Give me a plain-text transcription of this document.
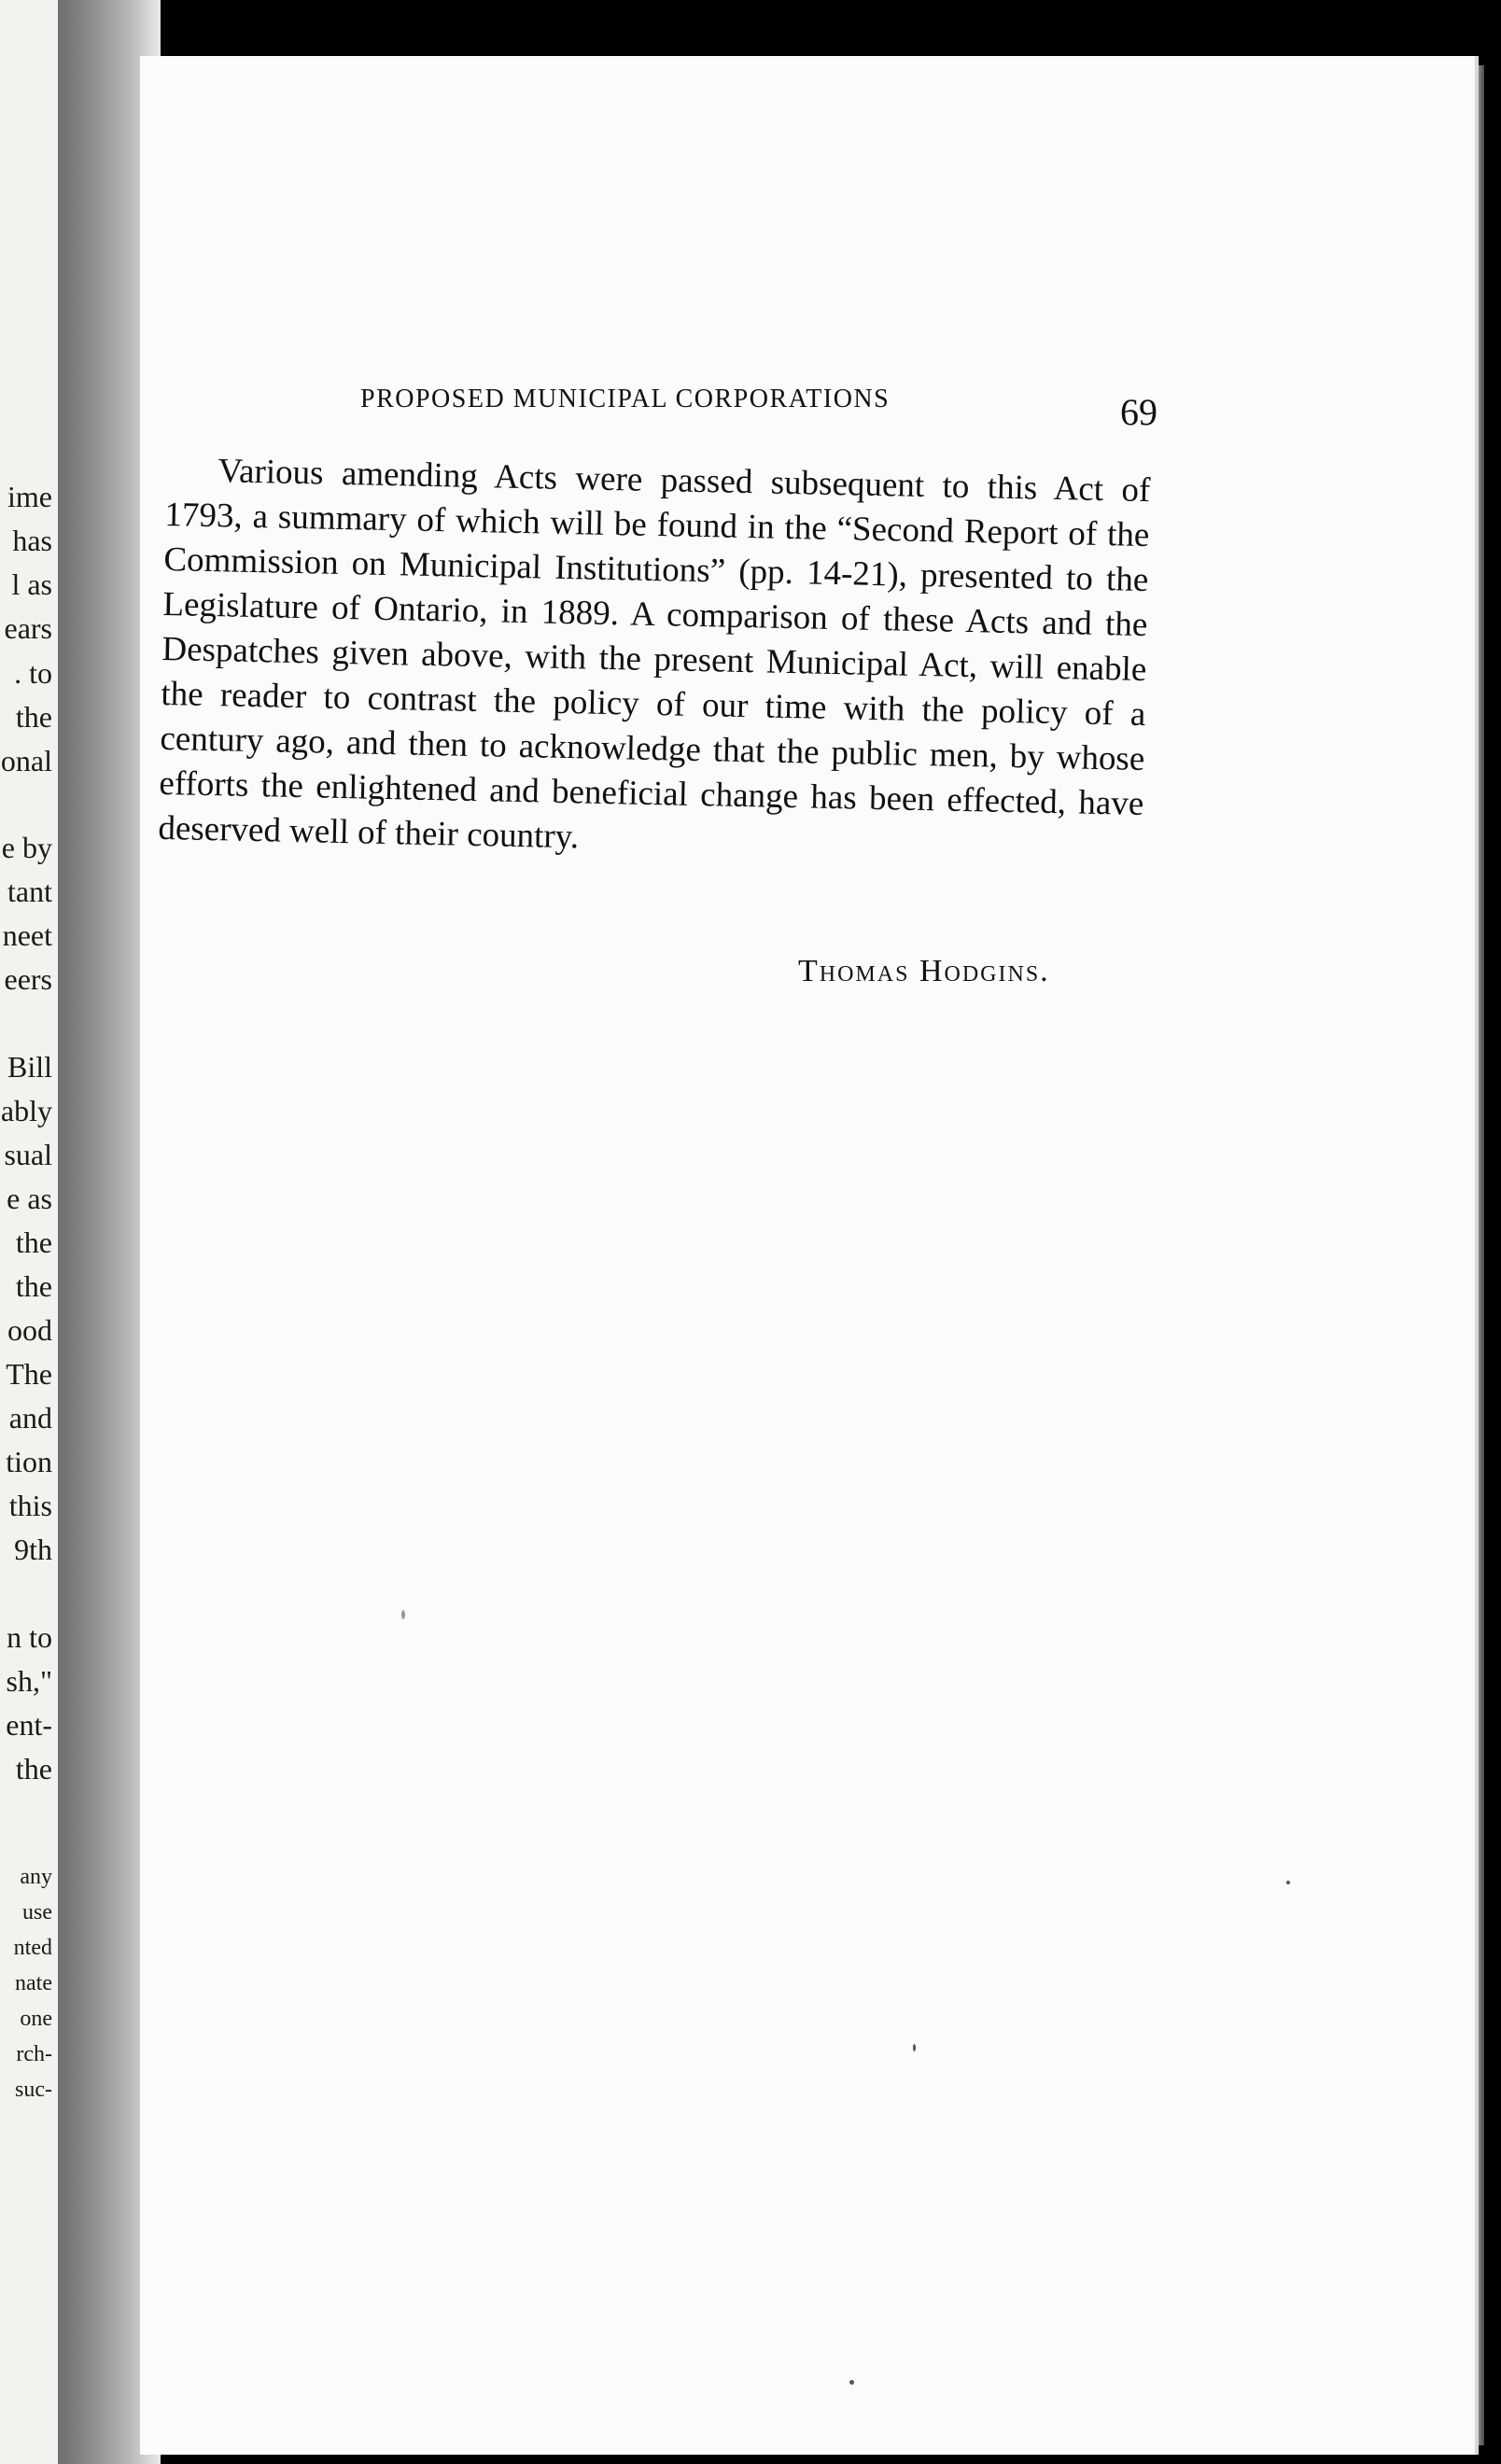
ime
has
l as
ears
. to
the
onal
e by
tant
neet
eers
Bill
ably
sual
e as
the
the
ood
The
and
tion
this
9th
n to
sh,"
ent-
the
any
use
nted
nate
one
rch-
suc-
PROPOSED MUNICIPAL CORPORATIONS	69

Various amending Acts were passed subsequent to this Act of 1793, a summary of which will be found in the “Second Report of the Commission on Municipal Institutions” (pp. 14-21), presented to the Legislature of Ontario, in 1889. A comparison of these Acts and the Despatches given above, with the present Municipal Act, will enable the reader to contrast the policy of our time with the policy of a century ago, and then to acknowledge that the public men, by whose efforts the enlightened and beneficial change has been effected, have deserved well of their country.

Thomas Hodgins.
